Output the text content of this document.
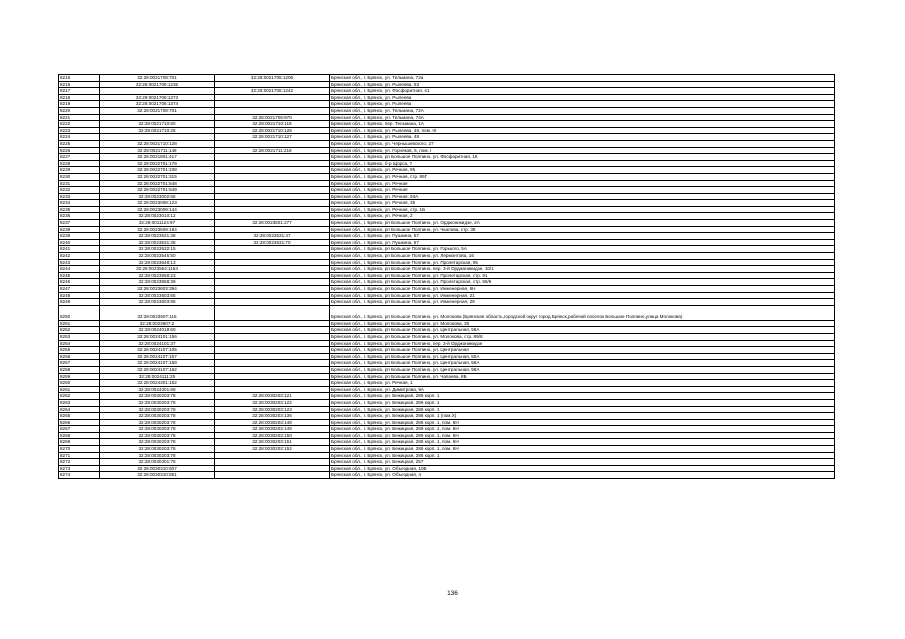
8215	32:28:0021708:701	32:28:0021708:1206	Брянская обл., г. Брянск, ул. Тельмана, 72а
8216	32:28:0021708:1235		Брянская обл., г. Брянск, ул. Рылеева, 53
8217		32:28:0021708:1242	Брянская обл., г. Брянск, ул. Фосфоритная, 41
8218	32:28:0021708:1373		Брянская обл., г. Брянск, ул. Рылеева
8219	32:28:0021708:1374		Брянская обл., г. Брянск, ул. Рылеева
8220	32:28:0021708:701		Брянская обл., г. Брянск, ул. Тельмана, 72А
8221		32:28:0021708:970	Брянская обл., г. Брянск, ул. Тельмана, 74А
8222	32:28:0021710:80	32:28:0021710:118	Брянская обл., г. Брянск, пер. Тельмана, 1А
8223	32:28:0021710:26	32:28:0021710:126	Брянская обл., г. Брянск, ул. Рылеева, 48, пом. III
8224		32:28:0021710:127	Брянская обл., г. Брянск, ул. Рылеева, 48
8225	32:28:0021710:128		Брянская обл., г. Брянск, ул. Чернышевского, 27
8226	32:28:0021711:148	32:28:0021711:218	Брянская обл., г. Брянск, ул. Горняков, 5, пом. I
8227	32:28:0021801:417		Брянская обл., г. Брянск, рп Большое Полпино, ул. Фосфоритная, 1К
8228	32:28:0022701:179		Брянская обл., г. Брянск, б-р Щорса, 7
8229	32:28:0022701:238		Брянская обл., г. Брянск, ул. Речная, 95
8230	32:28:0022701:315		Брянская обл., г. Брянск, ул. Речная, стр. 95Г
8231	32:28:0022701:548		Брянская обл., г. Брянск, ул. Речная
8232	32:28:0022701:549		Брянская обл., г. Брянск, ул. Речная
8233	32:28:0023002:65		Брянская обл., г. Брянск, ул. Речная, 93А
8234	32:28:0023008:123		Брянская обл., г. Брянск, ул. Речная, 35
8235	32:28:0023009:144		Брянская обл., г. Брянск, ул. Речная, стр. 1Б
8236	32:28:0023010:12		Брянская обл., г. Брянск, ул. Речная, 2
8237	32:28:0011124:97	32:28:0023501:277	Брянская обл., г. Брянск, рп Большое Полпино, ул. Орджоникидзе, 2А
8238	32:28:0023509:184		Брянская обл., г. Брянск, рп Большое Полпино, ул. Чкалова, стр. 38
8239	32:28:0023531:38	32:28:0023531:47	Брянская обл., г. Брянск, ул. Пушкина, 57
8240	32:28:0023531:38	32:28:0023531:70	Брянская обл., г. Брянск, ул. Пушкина, 57
8241	32:28:0023532:15		Брянская обл., г. Брянск, рп Большое Полпино, ул. Горького, 5А
8242	32:28:0023545:50		Брянская обл., г. Брянск, рп Большое Полпино, ул. Лермонтова, 16
8243	32:28:0023548:13		Брянская обл., г. Брянск, рп Большое Полпино, ул. Пролетарская, 95
8244	32:28:0023554:1154		Брянская обл., г. Брянск, рп Большое Полпино, пер. 3-й Орджоникидзе, 10/1
8245	32:28:0023558:23		Брянская обл., г. Брянск, рп Большое Полпино, ул. Пролетарская, стр. 91
8246	32:28:0023558:39		Брянская обл., г. Брянск, рп Большое Полпино, ул. Пролетарская, стр. 65/6
8247	32:28:0023603:394		Брянская обл., г. Брянск, рп Большое Полпино, ул. Инженерная, 6Н
8248	32:28:0023603:65		Брянская обл., г. Брянск, рп Большое Полпино, ул. Инженерная, 21
8249	32:28:0023603:85		Брянская обл., г. Брянск, рп Большое Полпино, ул. Инженерная, 29
8250	32:28:0023607:115		Брянская обл., г. Брянск, рп Большое Полпино, ул. Молокова (Брянская область,городской округ город Брянск,рабочий поселок Большое Полпино,улица Молокова)
8251	32:28:0023607:2		Брянская обл., г. Брянск, рп Большое Полпино, ул. Молокова, 35
8252	32:28:0024018:60		Брянская обл., г. Брянск, рп Большое Полпино, ул. Центральная, 58А
8253	32:28:0024101:156		Брянская обл., г. Брянск, рп Большое Полпино, ул. Молокова, стр. 89/8
8254	32:28:0024101:37		Брянская обл., г. Брянск, рп Большое Полпино, пер. 3-й Орджоникидзе
8255	32:28:0024107:105		Брянская обл., г. Брянск, рп Большое Полпино, ул. Центральная
8256	32:28:0024107:157		Брянская обл., г. Брянск, рп Большое Полпино, ул. Центральная, 50А
8257	32:28:0024107:158		Брянская обл., г. Брянск, рп Большое Полпино, ул. Центральная, 58А
8258	32:28:0024107:162		Брянская обл., г. Брянск, рп Большое Полпино, ул. Центральная, 58А
8259	32:28:0024111:25		Брянская обл., г. Брянск, рп Большое Полпино, ул. Чапаева, 8Б
8260	32:28:0024301:162		Брянская обл., г. Брянск, ул. Речная, 1
8261	32:28:0024301:68		Брянская обл., г. Брянск, ул. Димитрова, 9А
8262	32:28:0030203:78	32:28:0030203:121	Брянская обл., г. Брянск, ул. Бежицкая, 286 корп. 1
8263	32:28:0030203:78	32:28:0030203:122	Брянская обл., г. Брянск, ул. Бежицкая, 286 корп. 1
8264	32:28:0030203:78	32:28:0030203:123	Брянская обл., г. Брянск, ул. Бежицкая, 286 корп. 1
8265	32:28:0030203:78	32:28:0030203:136	Брянская обл., г. Брянск, ул. Бежицкая, 286 корп. 1 (пом.Х)
8266	32:28:0030203:78	32:28:0030203:148	Брянская обл., г. Брянск, ул. Бежицкая, 286 корп. 1, пом. 6Н
8267	32:28:0030203:78	32:28:0030203:149	Брянская обл., г. Брянск, ул. Бежицкая, 286 корп. 1, пом. 6Н
8268	32:28:0030203:78	32:28:0030203:150	Брянская обл., г. Брянск, ул. Бежицкая, 286 корп. 1, пом. 6Н
8269	32:28:0030203:78	32:28:0030203:151	Брянская обл., г. Брянск, ул. Бежицкая, 286 корп. 1, пом. 6Н
8270	32:28:0030203:78	32:28:0030203:152	Брянская обл., г. Брянск, ул. Бежицкая, 286 корп. 1, пом. 6Н
8271	32:28:0030203:78		Брянская обл., г. Брянск, ул. Бежицкая, 286 корп. 1
8272	32:28:0030301:76		Брянская обл., г. Брянск, ул. Бежицкая, 257
8273	32:28:0030310:607		Брянская обл., г. Брянск, ул. Объездная, 10Б
8274	32:28:0030310:651		Брянская обл., г. Брянск, ул. Объездная, 4
136
